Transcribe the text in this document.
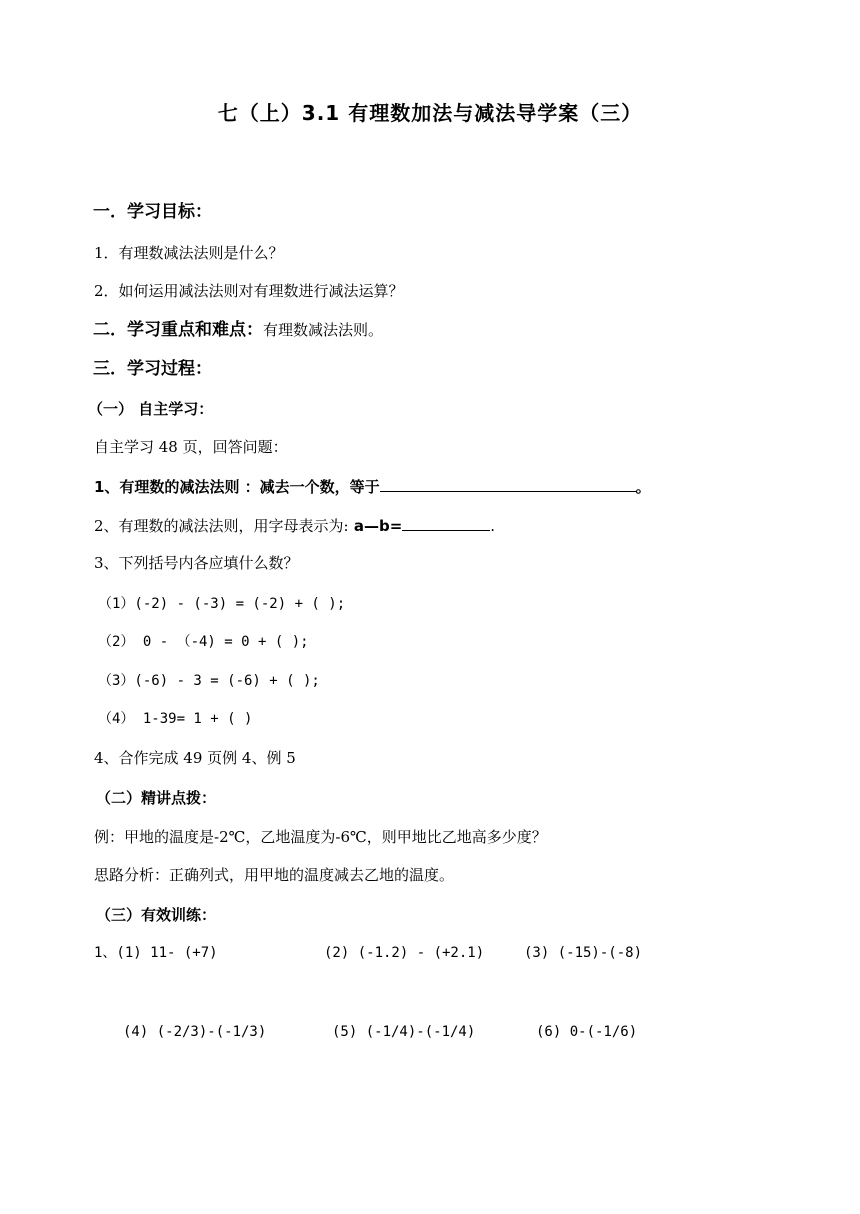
七（上）3.1 有理数加法与减法导学案（三）
一．学习目标：
1．有理数减法法则是什么？
2．如何运用减法法则对有理数进行减法运算？
二．学习重点和难点：有理数减法法则。
三．学习过程：
（一） 自主学习：
自主学习 48 页，回答问题：
1、有理数的减法法则 ：减去一个数，等于	。
2、有理数的减法法则，用字母表示为: a—b=	.
3、下列括号内各应填什么数？
（1）(-2) - (-3) = (-2) + ( );
（2） 0 - （-4) = 0 + ( );
（3）(-6) - 3 = (-6) + ( );
（4） 1-39= 1 + ( )
4、合作完成 49 页例 4、例 5
（二）精讲点拨：
例：甲地的温度是-2℃，乙地温度为-6℃，则甲地比乙地高多少度？
思路分析：正确列式，用甲地的温度减去乙地的温度。
（三）有效训练：
1、(1) 11- (+7)	(2) (-1.2) - (+2.1)	(3) (-15)-(-8)
(4) (-2/3)-(-1/3)	(5) (-1/4)-(-1/4)	(6) 0-(-1/6)
